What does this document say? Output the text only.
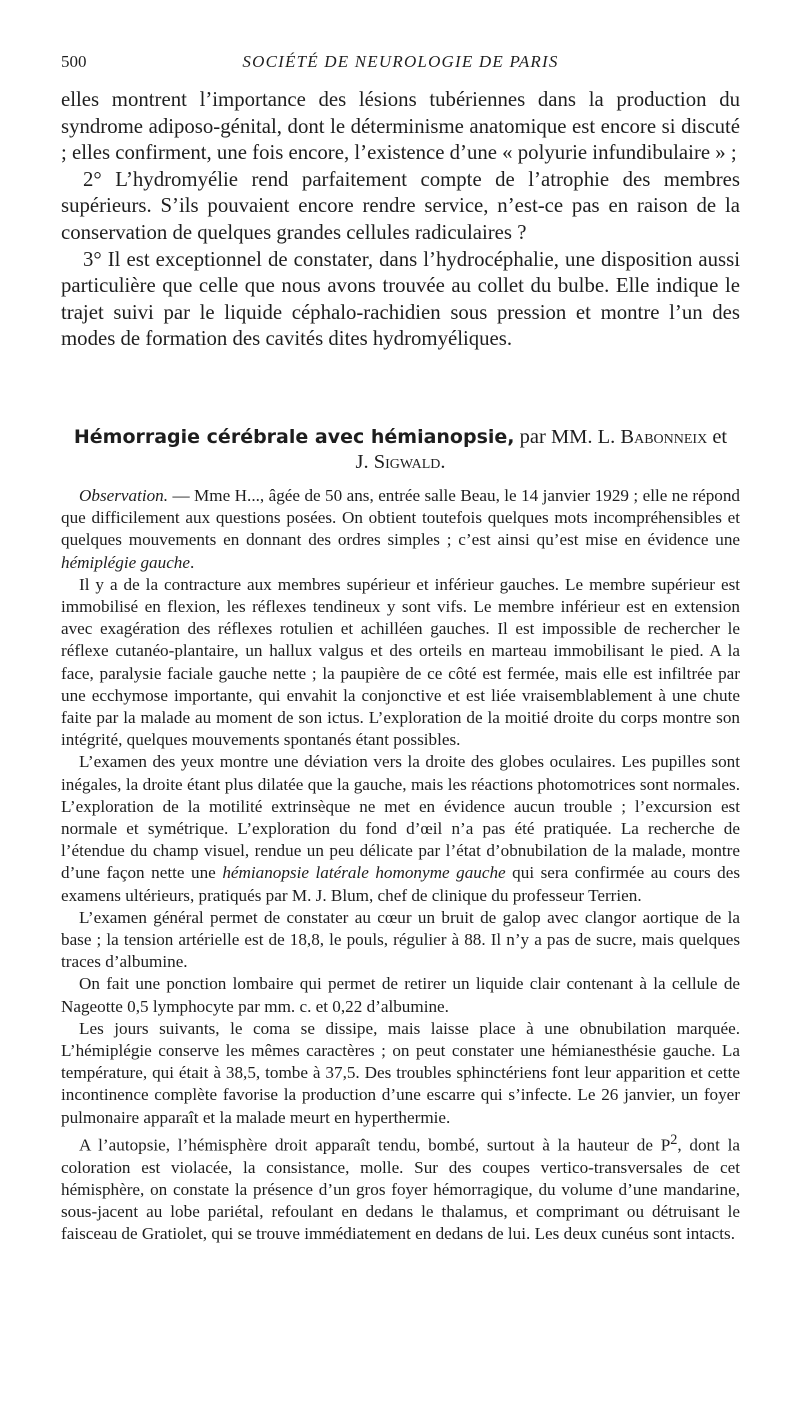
500	SOCIÉTÉ DE NEUROLOGIE DE PARIS

elles montrent l’importance des lésions tubériennes dans la production du syndrome adiposo-génital, dont le déterminisme anatomique est encore si discuté ; elles confirment, une fois encore, l’existence d’une « polyurie infundibulaire » ;

2° L’hydromyélie rend parfaitement compte de l’atrophie des membres supérieurs. S’ils pouvaient encore rendre service, n’est-ce pas en raison de la conservation de quelques grandes cellules radiculaires ?

3° Il est exceptionnel de constater, dans l’hydrocéphalie, une disposition aussi particulière que celle que nous avons trouvée au collet du bulbe. Elle indique le trajet suivi par le liquide céphalo-rachidien sous pression et montre l’un des modes de formation des cavités dites hydromyéliques.

Hémorragie cérébrale avec hémianopsie, par MM. L. Babonneix et
J. Sigwald.

Observation. — Mme H..., âgée de 50 ans, entrée salle Beau, le 14 janvier 1929 ; elle ne répond que difficilement aux questions posées. On obtient toutefois quelques mots incompréhensibles et quelques mouvements en donnant des ordres simples ; c’est ainsi qu’est mise en évidence une hémiplégie gauche.

Il y a de la contracture aux membres supérieur et inférieur gauches. Le membre supérieur est immobilisé en flexion, les réflexes tendineux y sont vifs. Le membre inférieur est en extension avec exagération des réflexes rotulien et achilléen gauches. Il est impossible de rechercher le réflexe cutanéo-plantaire, un hallux valgus et des orteils en marteau immobilisant le pied. A la face, paralysie faciale gauche nette ; la paupière de ce côté est fermée, mais elle est infiltrée par une ecchymose importante, qui envahit la conjonctive et est liée vraisemblablement à une chute faite par la malade au moment de son ictus. L’exploration de la moitié droite du corps montre son intégrité, quelques mouvements spontanés étant possibles.

L’examen des yeux montre une déviation vers la droite des globes oculaires. Les pupilles sont inégales, la droite étant plus dilatée que la gauche, mais les réactions photomotrices sont normales. L’exploration de la motilité extrinsèque ne met en évidence aucun trouble ; l’excursion est normale et symétrique. L’exploration du fond d’œil n’a pas été pratiquée. La recherche de l’étendue du champ visuel, rendue un peu délicate par l’état d’obnubilation de la malade, montre d’une façon nette une hémianopsie latérale homonyme gauche qui sera confirmée au cours des examens ultérieurs, pratiqués par M. J. Blum, chef de clinique du professeur Terrien.

L’examen général permet de constater au cœur un bruit de galop avec clangor aortique de la base ; la tension artérielle est de 18,8, le pouls, régulier à 88. Il n’y a pas de sucre, mais quelques traces d’albumine.

On fait une ponction lombaire qui permet de retirer un liquide clair contenant à la cellule de Nageotte 0,5 lymphocyte par mm. c. et 0,22 d’albumine.

Les jours suivants, le coma se dissipe, mais laisse place à une obnubilation marquée. L’hémiplégie conserve les mêmes caractères ; on peut constater une hémianesthésie gauche. La température, qui était à 38,5, tombe à 37,5. Des troubles sphinctériens font leur apparition et cette incontinence complète favorise la production d’une escarre qui s’infecte. Le 26 janvier, un foyer pulmonaire apparaît et la malade meurt en hyperthermie.

A l’autopsie, l’hémisphère droit apparaît tendu, bombé, surtout à la hauteur de $P^2$, dont la coloration est violacée, la consistance, molle. Sur des coupes vertico-transversales de cet hémisphère, on constate la présence d’un gros foyer hémorragique, du volume d’une mandarine, sous-jacent au lobe pariétal, refoulant en dedans le thalamus, et comprimant ou détruisant le faisceau de Gratiolet, qui se trouve immédiatement en dedans de lui. Les deux cunéus sont intacts.
